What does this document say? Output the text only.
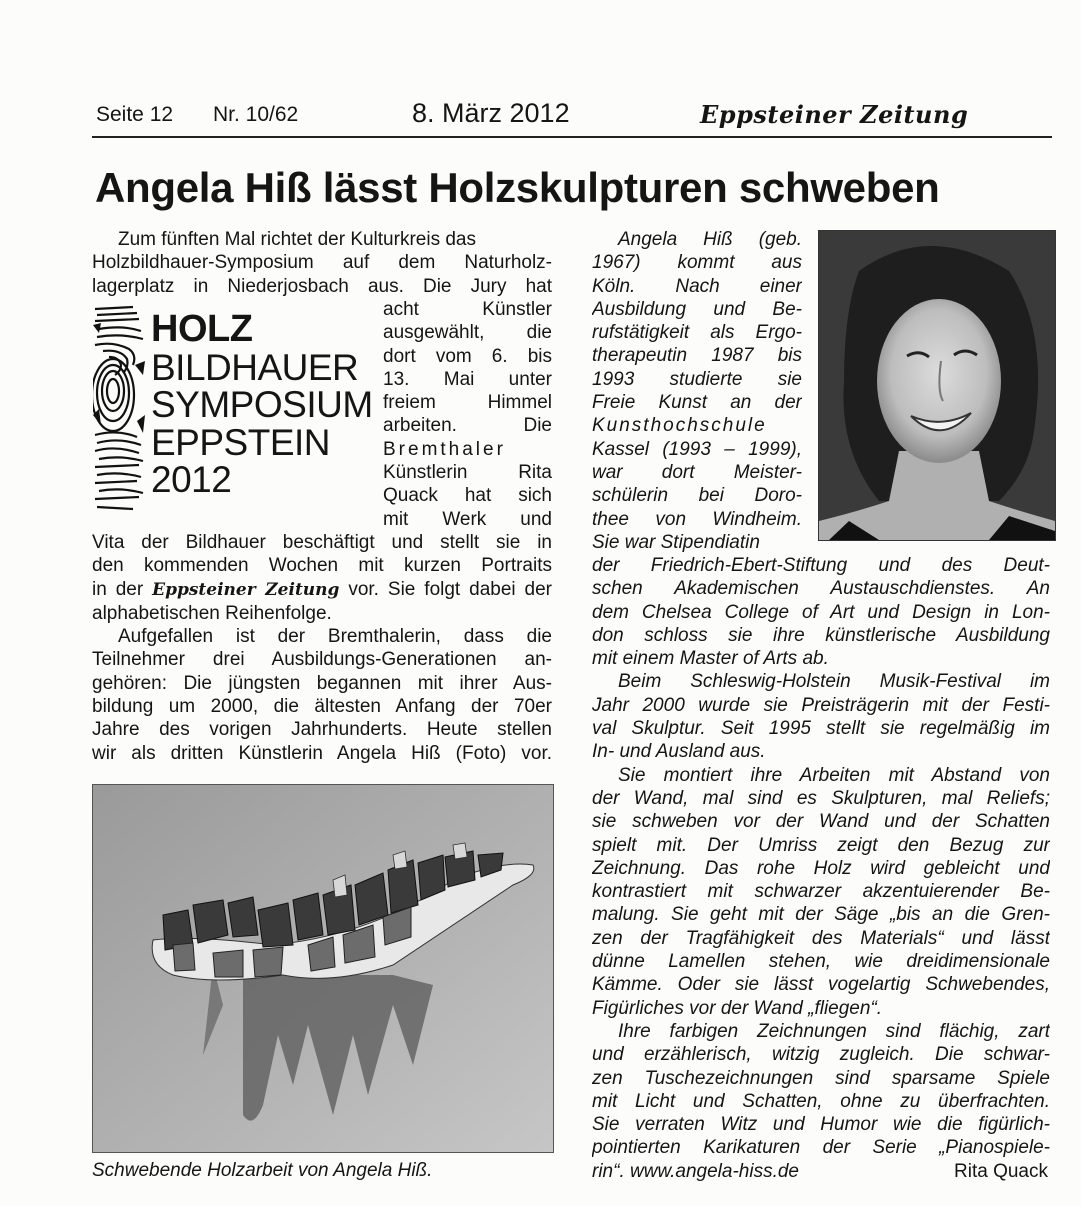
Seite 12 Nr. 10/62	8. März 2012	Eppsteiner Zeitung
Angela Hiß lässt Holzskulpturen schweben
Zum fünften Mal richtet der Kulturkreis das
Holzbildhauer-Symposium auf dem Naturholz-
lagerplatz in Niederjosbach aus. Die Jury hat
HOLZ
BILDHAUER
SYMPOSIUM
EPPSTEIN
2012
acht Künstler
ausgewählt, die
dort vom 6. bis
13. Mai unter
freiem Himmel
arbeiten. Die
Bremthaler
Künstlerin Rita
Quack hat sich
mit Werk und
Vita der Bildhauer beschäftigt und stellt sie in
den kommenden Wochen mit kurzen Portraits
in der Eppsteiner Zeitung vor. Sie folgt dabei der
alphabetischen Reihenfolge.
Aufgefallen ist der Bremthalerin, dass die
Teilnehmer drei Ausbildungs-Generationen an-
gehören: Die jüngsten begannen mit ihrer Aus-
bildung um 2000, die ältesten Anfang der 70er
Jahre des vorigen Jahrhunderts. Heute stellen
wir als dritten Künstlerin Angela Hiß (Foto) vor.
Schwebende Holzarbeit von Angela Hiß.
Angela Hiß (geb.
1967) kommt aus
Köln. Nach einer
Ausbildung und Be-
rufstätigkeit als Ergo-
therapeutin 1987 bis
1993 studierte sie
Freie Kunst an der
Kunsthochschule
Kassel (1993 – 1999),
war dort Meister-
schülerin bei Doro-
thee von Windheim.
Sie war Stipendiatin
der Friedrich-Ebert-Stiftung und des Deut-
schen Akademischen Austauschdienstes. An
dem Chelsea College of Art und Design in Lon-
don schloss sie ihre künstlerische Ausbildung
mit einem Master of Arts ab.
Beim Schleswig-Holstein Musik-Festival im
Jahr 2000 wurde sie Preisträgerin mit der Festi-
val Skulptur. Seit 1995 stellt sie regelmäßig im
In- und Ausland aus.
Sie montiert ihre Arbeiten mit Abstand von
der Wand, mal sind es Skulpturen, mal Reliefs;
sie schweben vor der Wand und der Schatten
spielt mit. Der Umriss zeigt den Bezug zur
Zeichnung. Das rohe Holz wird gebleicht und
kontrastiert mit schwarzer akzentuierender Be-
malung. Sie geht mit der Säge „bis an die Gren-
zen der Tragfähigkeit des Materials“ und lässt
dünne Lamellen stehen, wie dreidimensionale
Kämme. Oder sie lässt vogelartig Schwebendes,
Figürliches vor der Wand „fliegen“.
Ihre farbigen Zeichnungen sind flächig, zart
und erzählerisch, witzig zugleich. Die schwar-
zen Tuschezeichnungen sind sparsame Spiele
mit Licht und Schatten, ohne zu überfrachten.
Sie verraten Witz und Humor wie die figürlich-
pointierten Karikaturen der Serie „Pianospiele-
rin“. www.angela-hiss.de	Rita Quack
